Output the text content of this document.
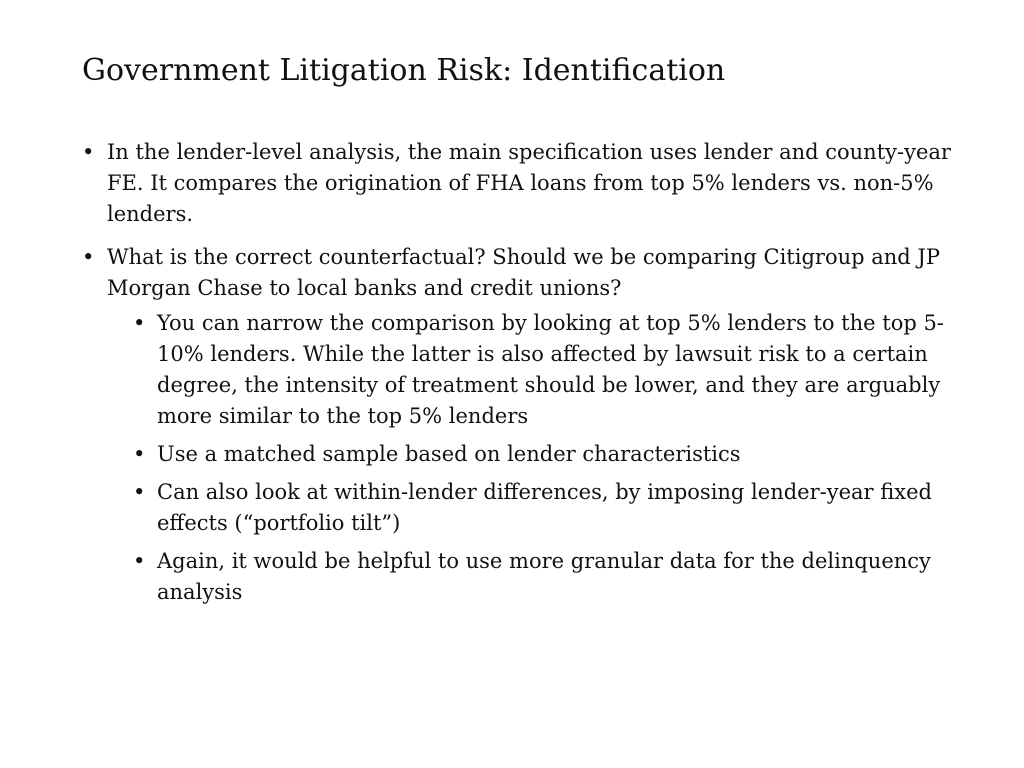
Government Litigation Risk: Identification
• In the lender-level analysis, the main specification uses lender and county-year FE. It compares the origination of FHA loans from top 5% lenders vs. non-5% lenders.
• What is the correct counterfactual? Should we be comparing Citigroup and JP Morgan Chase to local banks and credit unions?
• You can narrow the comparison by looking at top 5% lenders to the top 5-10% lenders. While the latter is also affected by lawsuit risk to a certain degree, the intensity of treatment should be lower, and they are arguably more similar to the top 5% lenders
• Use a matched sample based on lender characteristics
• Can also look at within-lender differences, by imposing lender-year fixed effects (“portfolio tilt”)
• Again, it would be helpful to use more granular data for the delinquency analysis
